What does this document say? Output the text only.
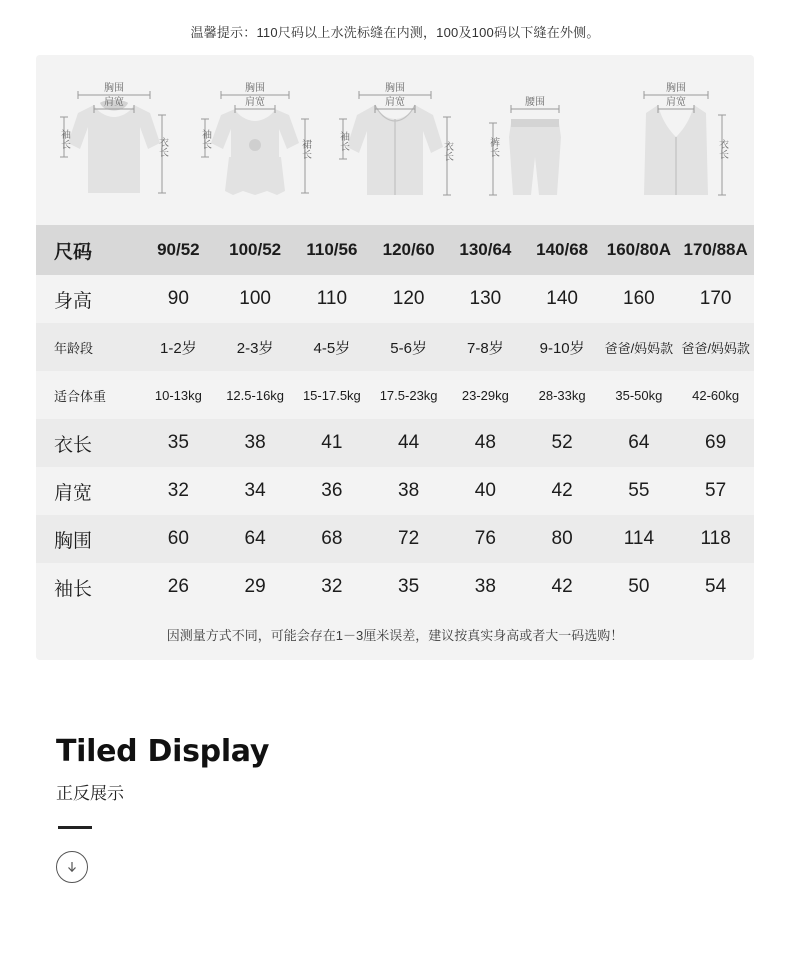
温馨提示：110尺码以上水洗标缝在内测，100及100码以下缝在外侧。
胸围
肩宽
袖长	衣长
胸围
肩宽
袖长	裙长
胸围
肩宽
袖长	衣长
腰围
裤长
胸围
肩宽
衣长
尺码	90/52	100/52	110/56	120/60	130/64	140/68	160/80A	170/88A
身高	90	100	110	120	130	140	160	170
年龄段	1-2岁	2-3岁	4-5岁	5-6岁	7-8岁	9-10岁	爸爸/妈妈款	爸爸/妈妈款
适合体重	10-13kg	12.5-16kg	15-17.5kg	17.5-23kg	23-29kg	28-33kg	35-50kg	42-60kg
衣长	35	38	41	44	48	52	64	69
肩宽	32	34	36	38	40	42	55	57
胸围	60	64	68	72	76	80	114	118
袖长	26	29	32	35	38	42	50	54
因测量方式不同，可能会存在1－3厘米误差，建议按真实身高或者大一码选购！
Tiled Display
正反展示
